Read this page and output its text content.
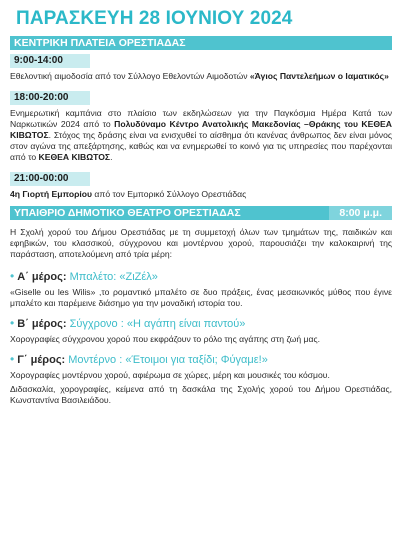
ΠΑΡΑΣΚΕΥΗ 28 ΙΟΥΝΙΟΥ 2024
ΚΕΝΤΡΙΚΗ ΠΛΑΤΕΙΑ ΟΡΕΣΤΙΑΔΑΣ
9:00-14:00

Εθελοντική αιμοδοσία από τον Σύλλογο Εθελοντών Αιμοδοτών «Άγιος Παντελεήμων ο Ιαματικός»

18:00-20:00

Ενημερωτική καμπάνια στο πλαίσιο των εκδηλώσεων για την Παγκόσμια Ημέρα Κατά των Ναρκωτικών 2024 από το Πολυδύναμο Κέντρο Ανατολικής Μακεδονίας –Θράκης του ΚΕΘΕΑ ΚΙΒΩΤΟΣ. Στόχος της δράσης είναι να ενισχυθεί το αίσθημα ότι κανένας άνθρωπος δεν είναι μόνος στον αγώνα της απεξάρτησης, καθώς και να ενημερωθεί το κοινό για τις υπηρεσίες που παρέχονται από το ΚΕΘΕΑ ΚΙΒΩΤΟΣ.

21:00-00:00

4η Γιορτή Εμπορίου από τον Εμπορικό Σύλλογο Ορεστιάδας

ΥΠΑΙΘΡΙΟ ΔΗΜΟΤΙΚΟ ΘΕΑΤΡΟ ΟΡΕΣΤΙΑΔΑΣ	8:00 μ.μ.

Η Σχολή χορού του Δήμου Ορεστιάδας με τη συμμετοχή όλων των τμημάτων της, παιδικών και εφηβικών, του κλασσικού, σύγχρονου και μοντέρνου χορού, παρουσιάζει την καλοκαιρινή της παράσταση, αποτελούμενη από τρία μέρη:

• Α΄ μέρος: Μπαλέτο: «ΖιΖέλ»

«Giselle ou les Wilis» ,το ρομαντικό μπαλέτο σε δυο πράξεις, ένας μεσαιωνικός μύθος που έγινε μπαλέτο και παρέμεινε διάσημο για την μοναδική ιστορία του.

• Β΄ μέρος: Σύγχρονο : «Η αγάπη είναι παντού»

Χορογραφίες σύγχρονου χορού που εκφράζουν το ρόλο της αγάπης στη ζωή μας.

• Γ΄ μέρος: Μοντέρνο : «Έτοιμοι για ταξίδι; Φύγαμε!»

Χορογραφίες μοντέρνου χορού, αφιέρωμα σε χώρες, μέρη και μουσικές του κόσμου.

Διδασκαλία, χορογραφίες, κείμενα από τη δασκάλα της Σχολής χορού του Δήμου Ορεστιάδας, Κωνσταντίνα Βασιλειάδου.
